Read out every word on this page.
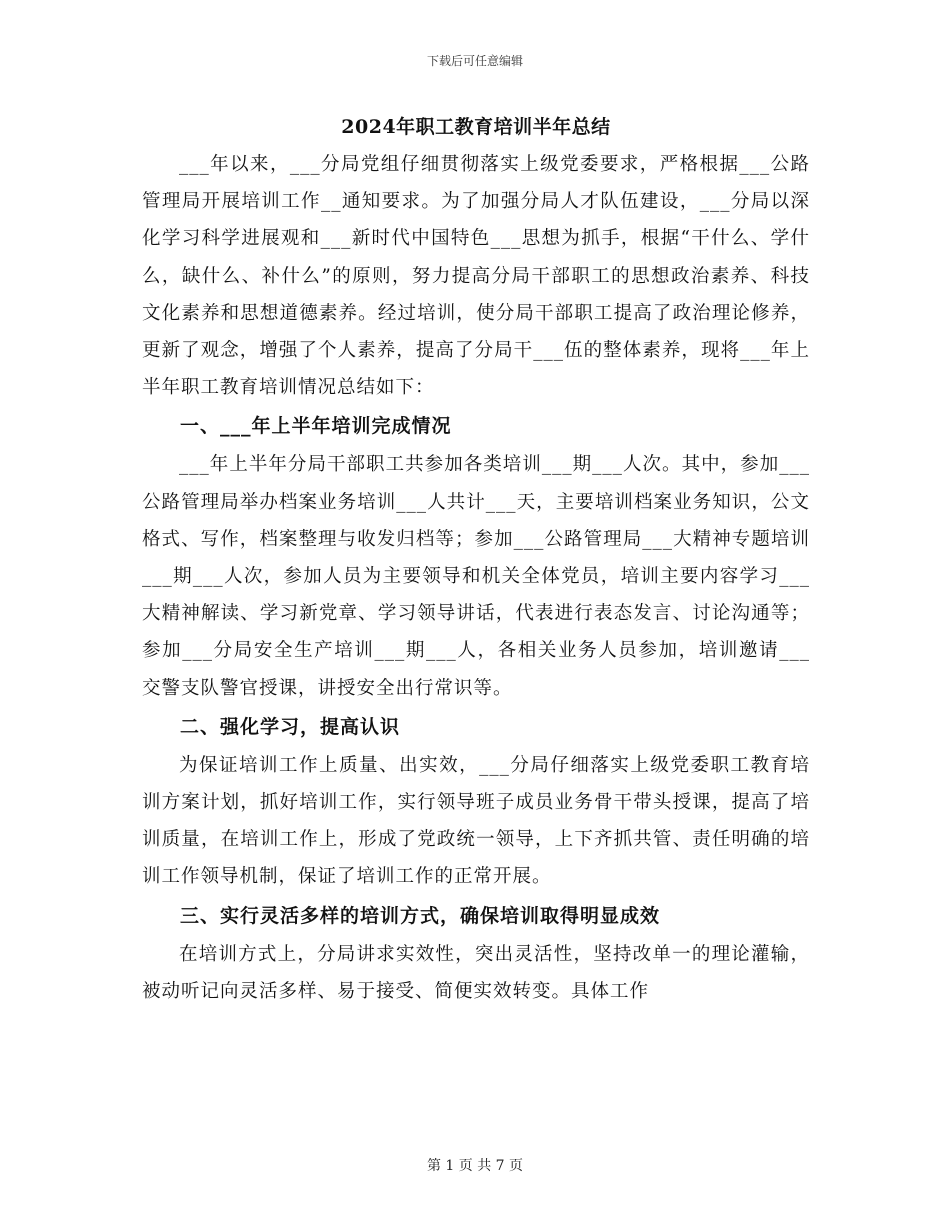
下载后可任意编辑
2024年职工教育培训半年总结

___年以来，___分局党组仔细贯彻落实上级党委要求，严格根据___公路管理局开展培训工作__通知要求。为了加强分局人才队伍建设，___分局以深化学习科学进展观和___新时代中国特色___思想为抓手，根据“干什么、学什么，缺什么、补什么”的原则，努力提高分局干部职工的思想政治素养、科技文化素养和思想道德素养。经过培训，使分局干部职工提高了政治理论修养，更新了观念，增强了个人素养，提高了分局干___伍的整体素养，现将___年上半年职工教育培训情况总结如下：

一、___年上半年培训完成情况

___年上半年分局干部职工共参加各类培训___期___人次。其中，参加___公路管理局举办档案业务培训___人共计___天，主要培训档案业务知识，公文格式、写作，档案整理与收发归档等；参加___公路管理局___大精神专题培训___期___人次，参加人员为主要领导和机关全体党员，培训主要内容学习___大精神解读、学习新党章、学习领导讲话，代表进行表态发言、讨论沟通等；参加___分局安全生产培训___期___人，各相关业务人员参加，培训邀请___交警支队警官授课，讲授安全出行常识等。

二、强化学习，提高认识

为保证培训工作上质量、出实效，___分局仔细落实上级党委职工教育培训方案计划，抓好培训工作，实行领导班子成员业务骨干带头授课，提高了培训质量，在培训工作上，形成了党政统一领导，上下齐抓共管、责任明确的培训工作领导机制，保证了培训工作的正常开展。

三、实行灵活多样的培训方式，确保培训取得明显成效

在培训方式上，分局讲求实效性，突出灵活性，坚持改单一的理论灌输，被动听记向灵活多样、易于接受、简便实效转变。具体工作

第 1 页 共 7 页
